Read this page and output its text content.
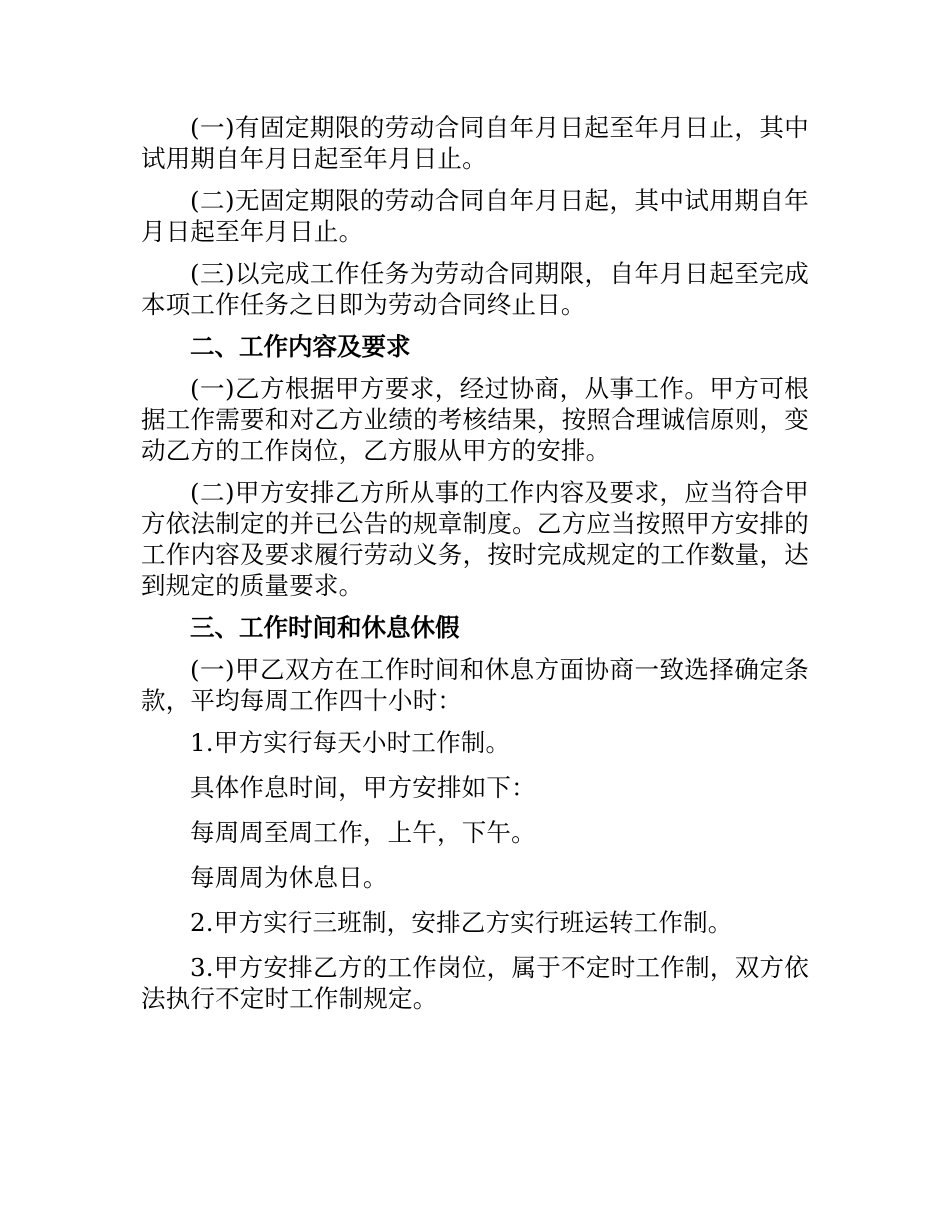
(一)有固定期限的劳动合同自年月日起至年月日止，其中试用期自年月日起至年月日止。

(二)无固定期限的劳动合同自年月日起，其中试用期自年月日起至年月日止。

(三)以完成工作任务为劳动合同期限，自年月日起至完成本项工作任务之日即为劳动合同终止日。

二、工作内容及要求

(一)乙方根据甲方要求，经过协商，从事工作。甲方可根据工作需要和对乙方业绩的考核结果，按照合理诚信原则，变动乙方的工作岗位，乙方服从甲方的安排。

(二)甲方安排乙方所从事的工作内容及要求，应当符合甲方依法制定的并已公告的规章制度。乙方应当按照甲方安排的工作内容及要求履行劳动义务，按时完成规定的工作数量，达到规定的质量要求。

三、工作时间和休息休假

(一)甲乙双方在工作时间和休息方面协商一致选择确定条款，平均每周工作四十小时：

1.甲方实行每天小时工作制。

具体作息时间，甲方安排如下：

每周周至周工作，上午，下午。

每周周为休息日。

2.甲方实行三班制，安排乙方实行班运转工作制。

3.甲方安排乙方的工作岗位，属于不定时工作制，双方依法执行不定时工作制规定。
